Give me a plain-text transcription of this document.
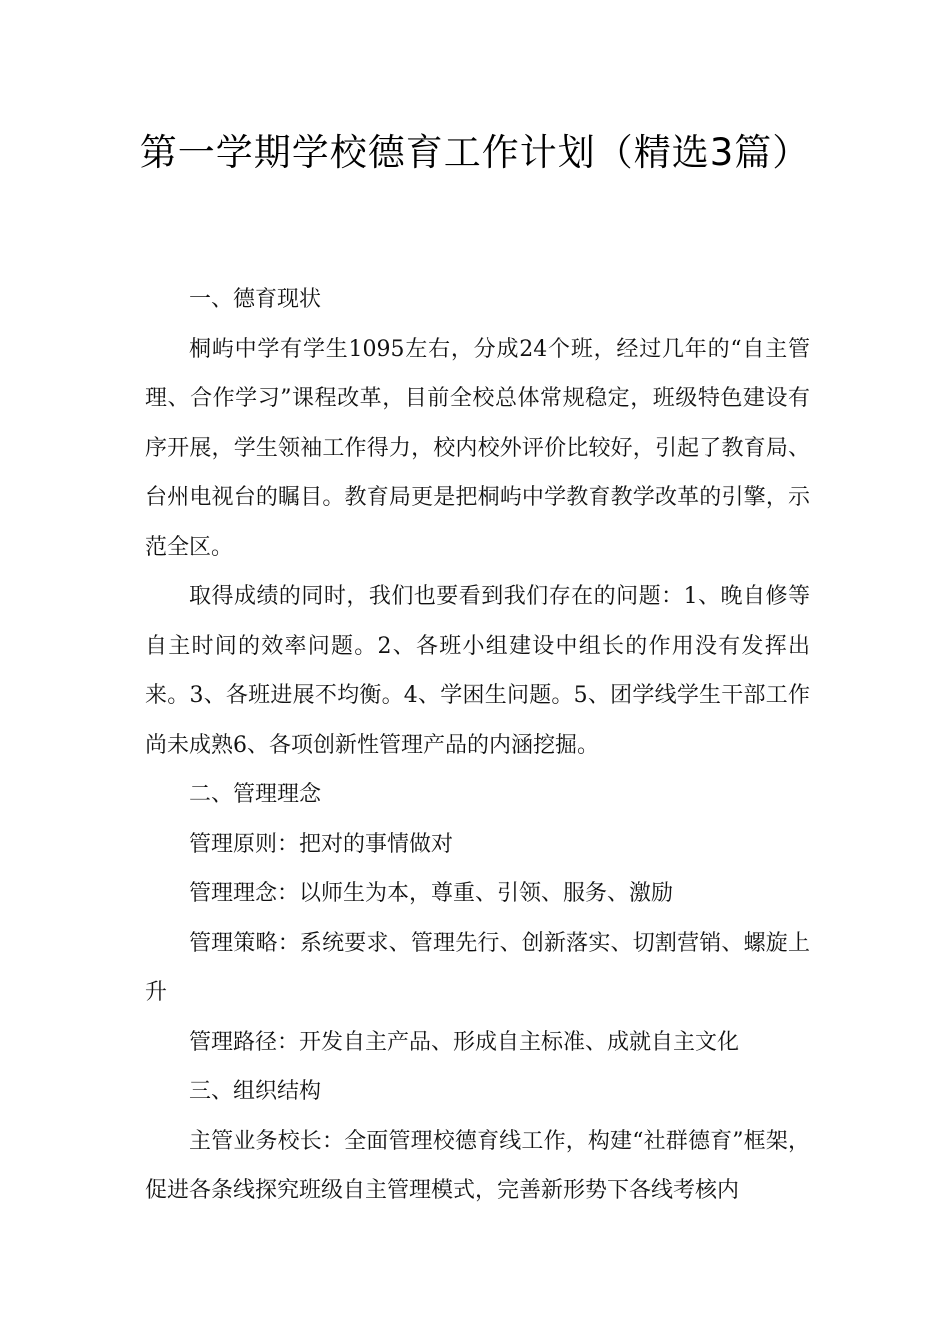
第一学期学校德育工作计划（精选3篇）

一、德育现状

桐屿中学有学生1095左右，分成24个班，经过几年的“自主管理、合作学习”课程改革，目前全校总体常规稳定，班级特色建设有序开展，学生领袖工作得力，校内校外评价比较好，引起了教育局、台州电视台的瞩目。教育局更是把桐屿中学教育教学改革的引擎，示范全区。

取得成绩的同时，我们也要看到我们存在的问题：1、晚自修等自主时间的效率问题。2、各班小组建设中组长的作用没有发挥出来。3、各班进展不均衡。4、学困生问题。5、团学线学生干部工作尚未成熟6、各项创新性管理产品的内涵挖掘。

二、管理理念

管理原则：把对的事情做对

管理理念：以师生为本，尊重、引领、服务、激励

管理策略：系统要求、管理先行、创新落实、切割营销、螺旋上升

管理路径：开发自主产品、形成自主标准、成就自主文化

三、组织结构

主管业务校长：全面管理校德育线工作，构建“社群德育”框架，促进各条线探究班级自主管理模式，完善新形势下各线考核内
